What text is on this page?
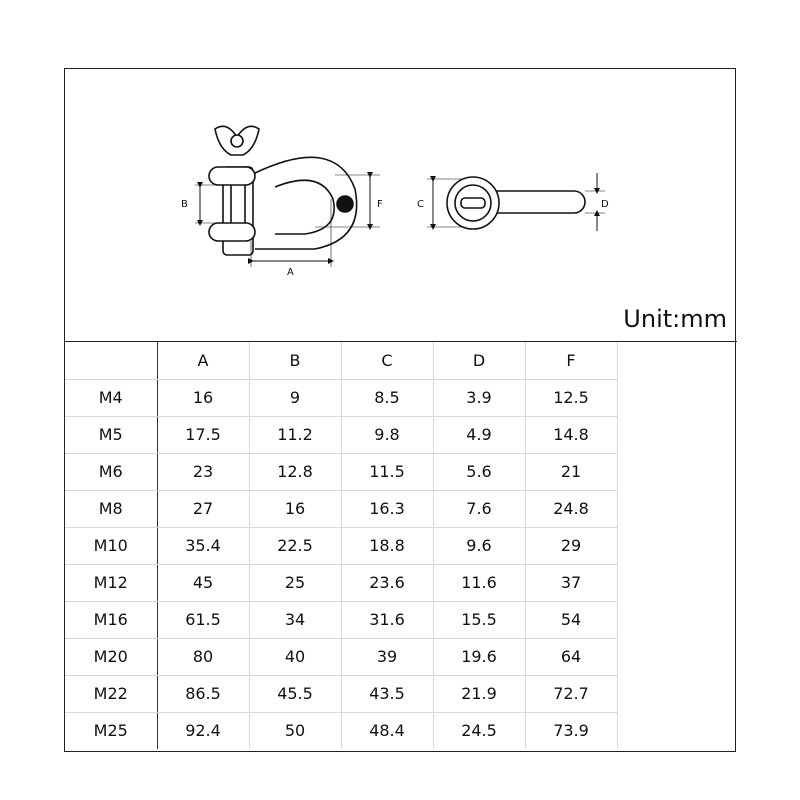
B
A
F	C	D
Unit:mm
	A	B	C	D	F
M4	16	9	8.5	3.9	12.5
M5	17.5	11.2	9.8	4.9	14.8
M6	23	12.8	11.5	5.6	21
M8	27	16	16.3	7.6	24.8
M10	35.4	22.5	18.8	9.6	29
M12	45	25	23.6	11.6	37
M16	61.5	34	31.6	15.5	54
M20	80	40	39	19.6	64
M22	86.5	45.5	43.5	21.9	72.7
M25	92.4	50	48.4	24.5	73.9
